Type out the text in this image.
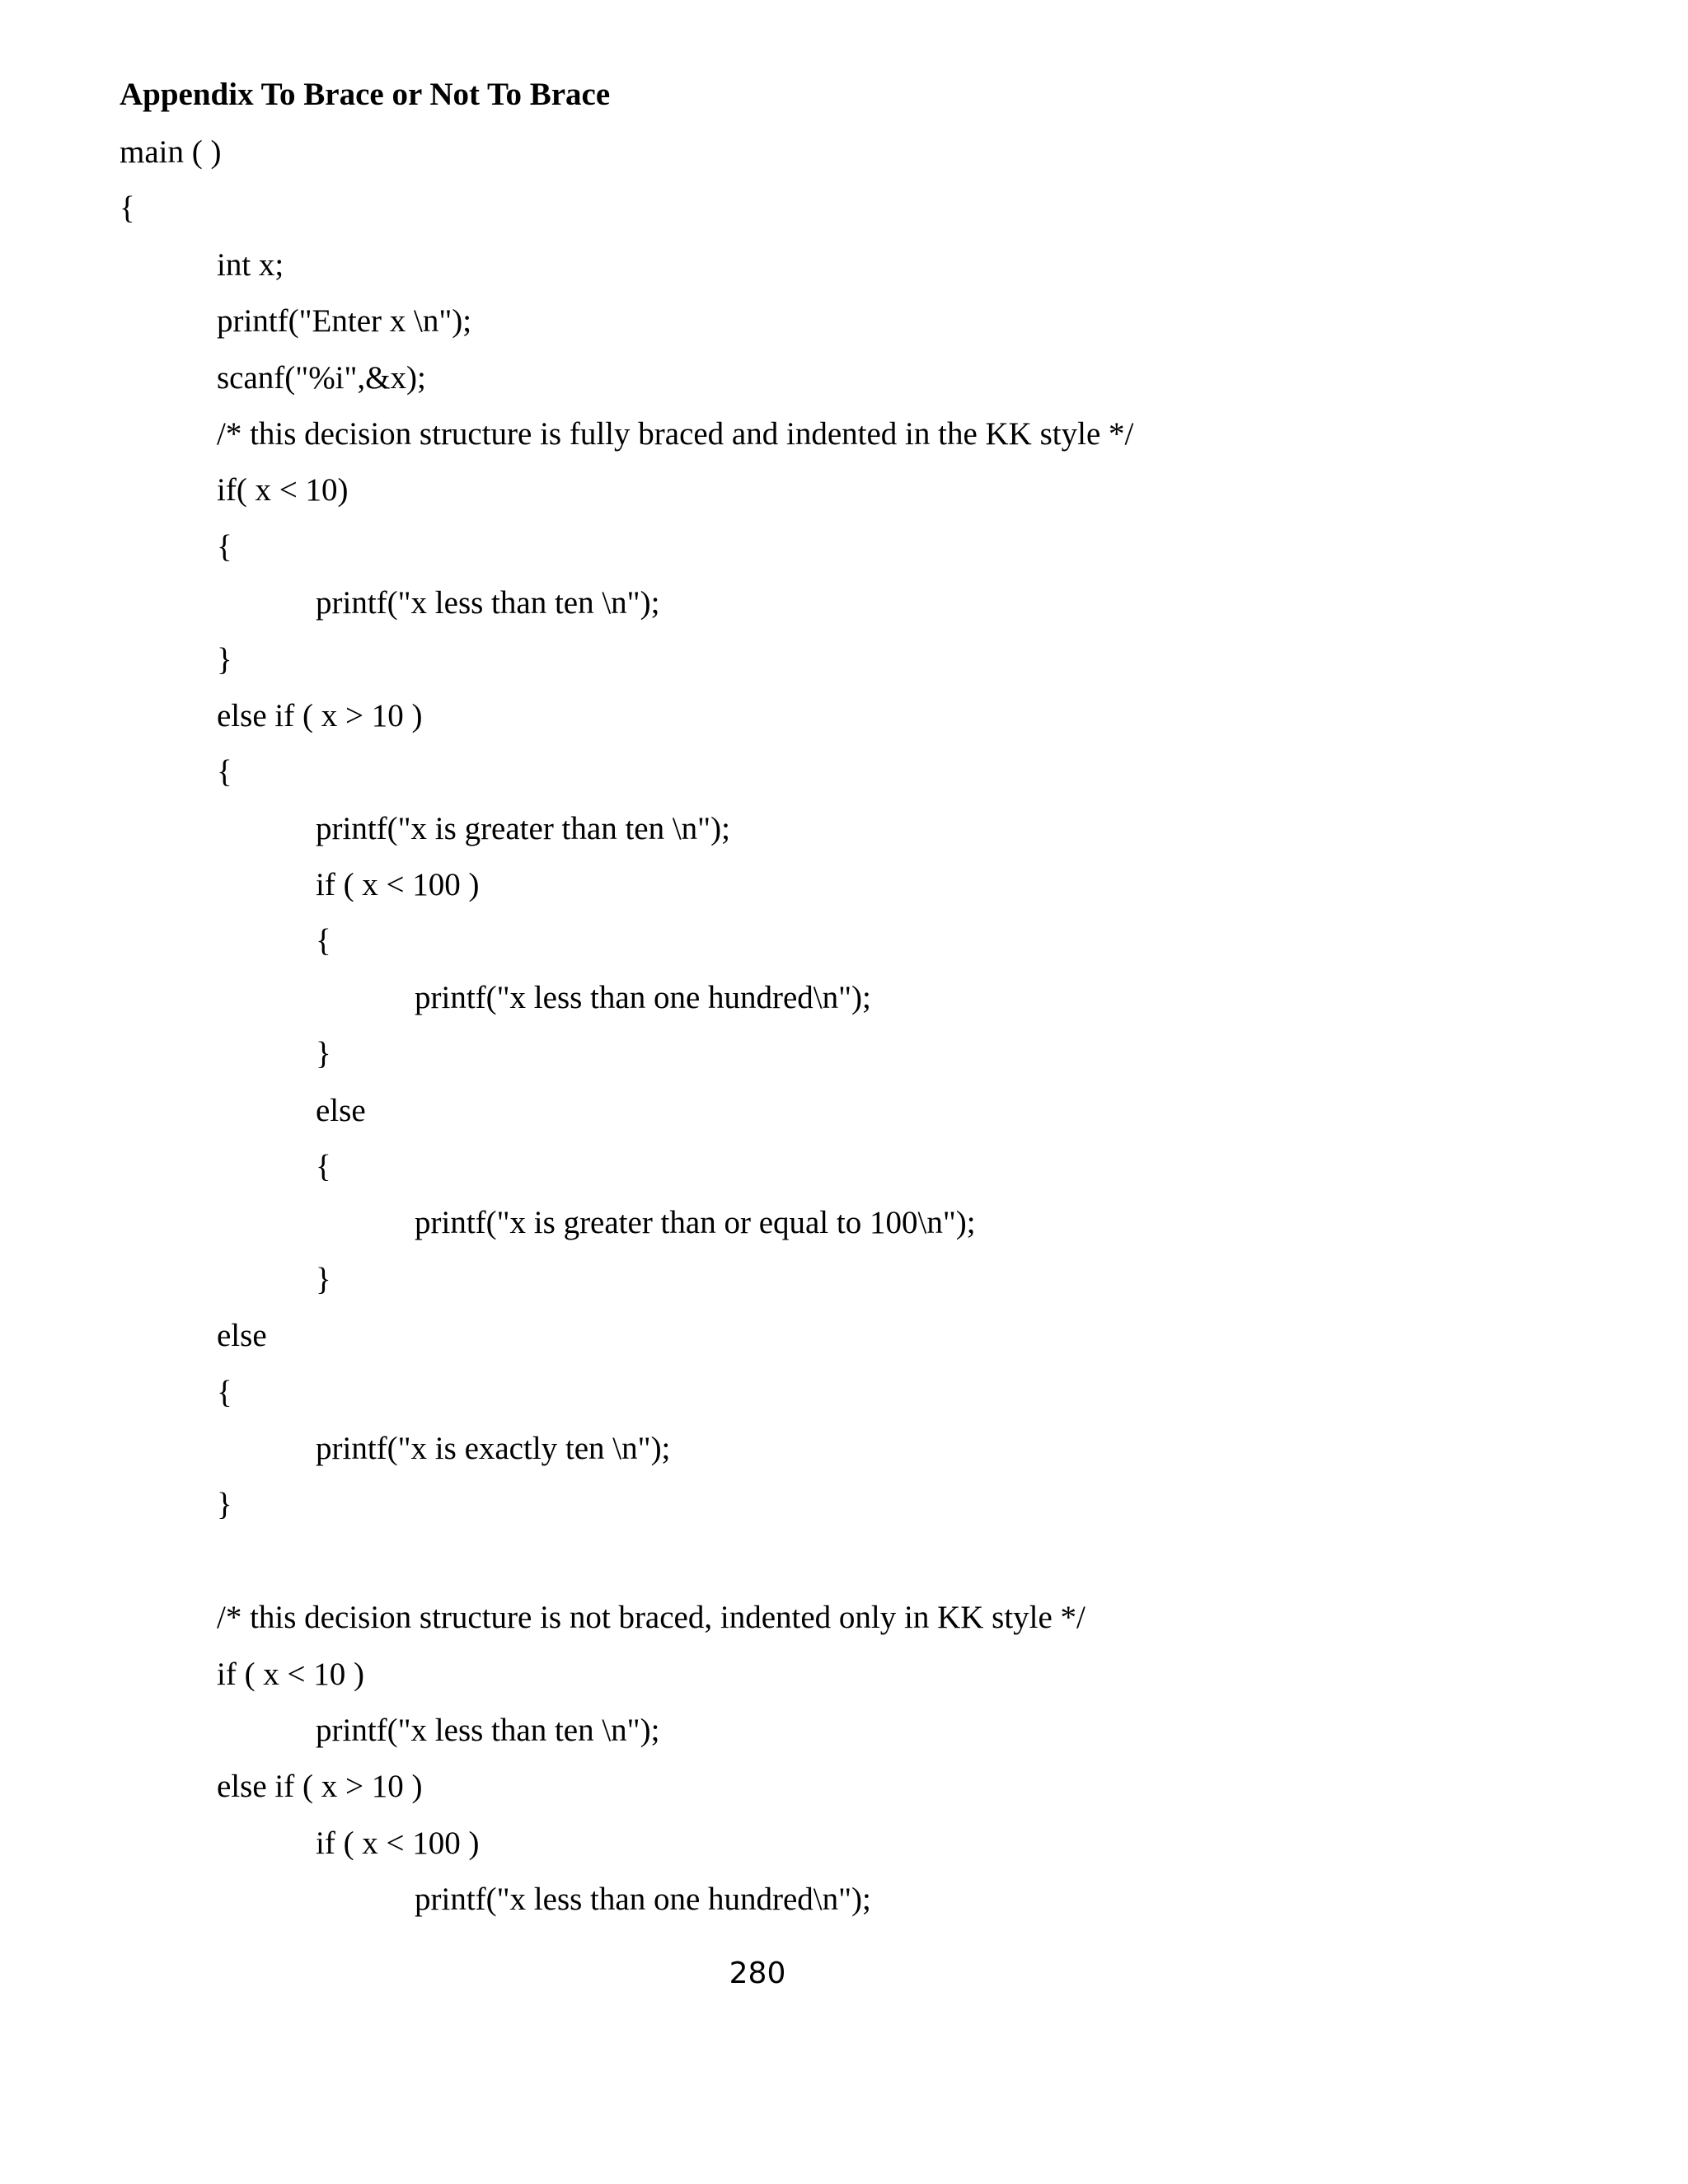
Appendix To Brace or Not To Brace
main ( )
{
int x;
printf("Enter x \n");
scanf("%i",&x);
/* this decision structure is fully braced and indented in the KK style */
if( x < 10)
{
printf("x less than ten \n");
}
else if ( x > 10 )
{
printf("x is greater than ten \n");
if ( x < 100 )
{
printf("x less than one hundred\n");
}
else
{
printf("x is greater than or equal to 100\n");
}
else
{
printf("x is exactly ten \n");
}
/* this decision structure is not braced, indented only in KK style */
if ( x < 10 )
printf("x less than ten \n");
else if ( x > 10 )
if ( x < 100 )
printf("x less than one hundred\n");
280
